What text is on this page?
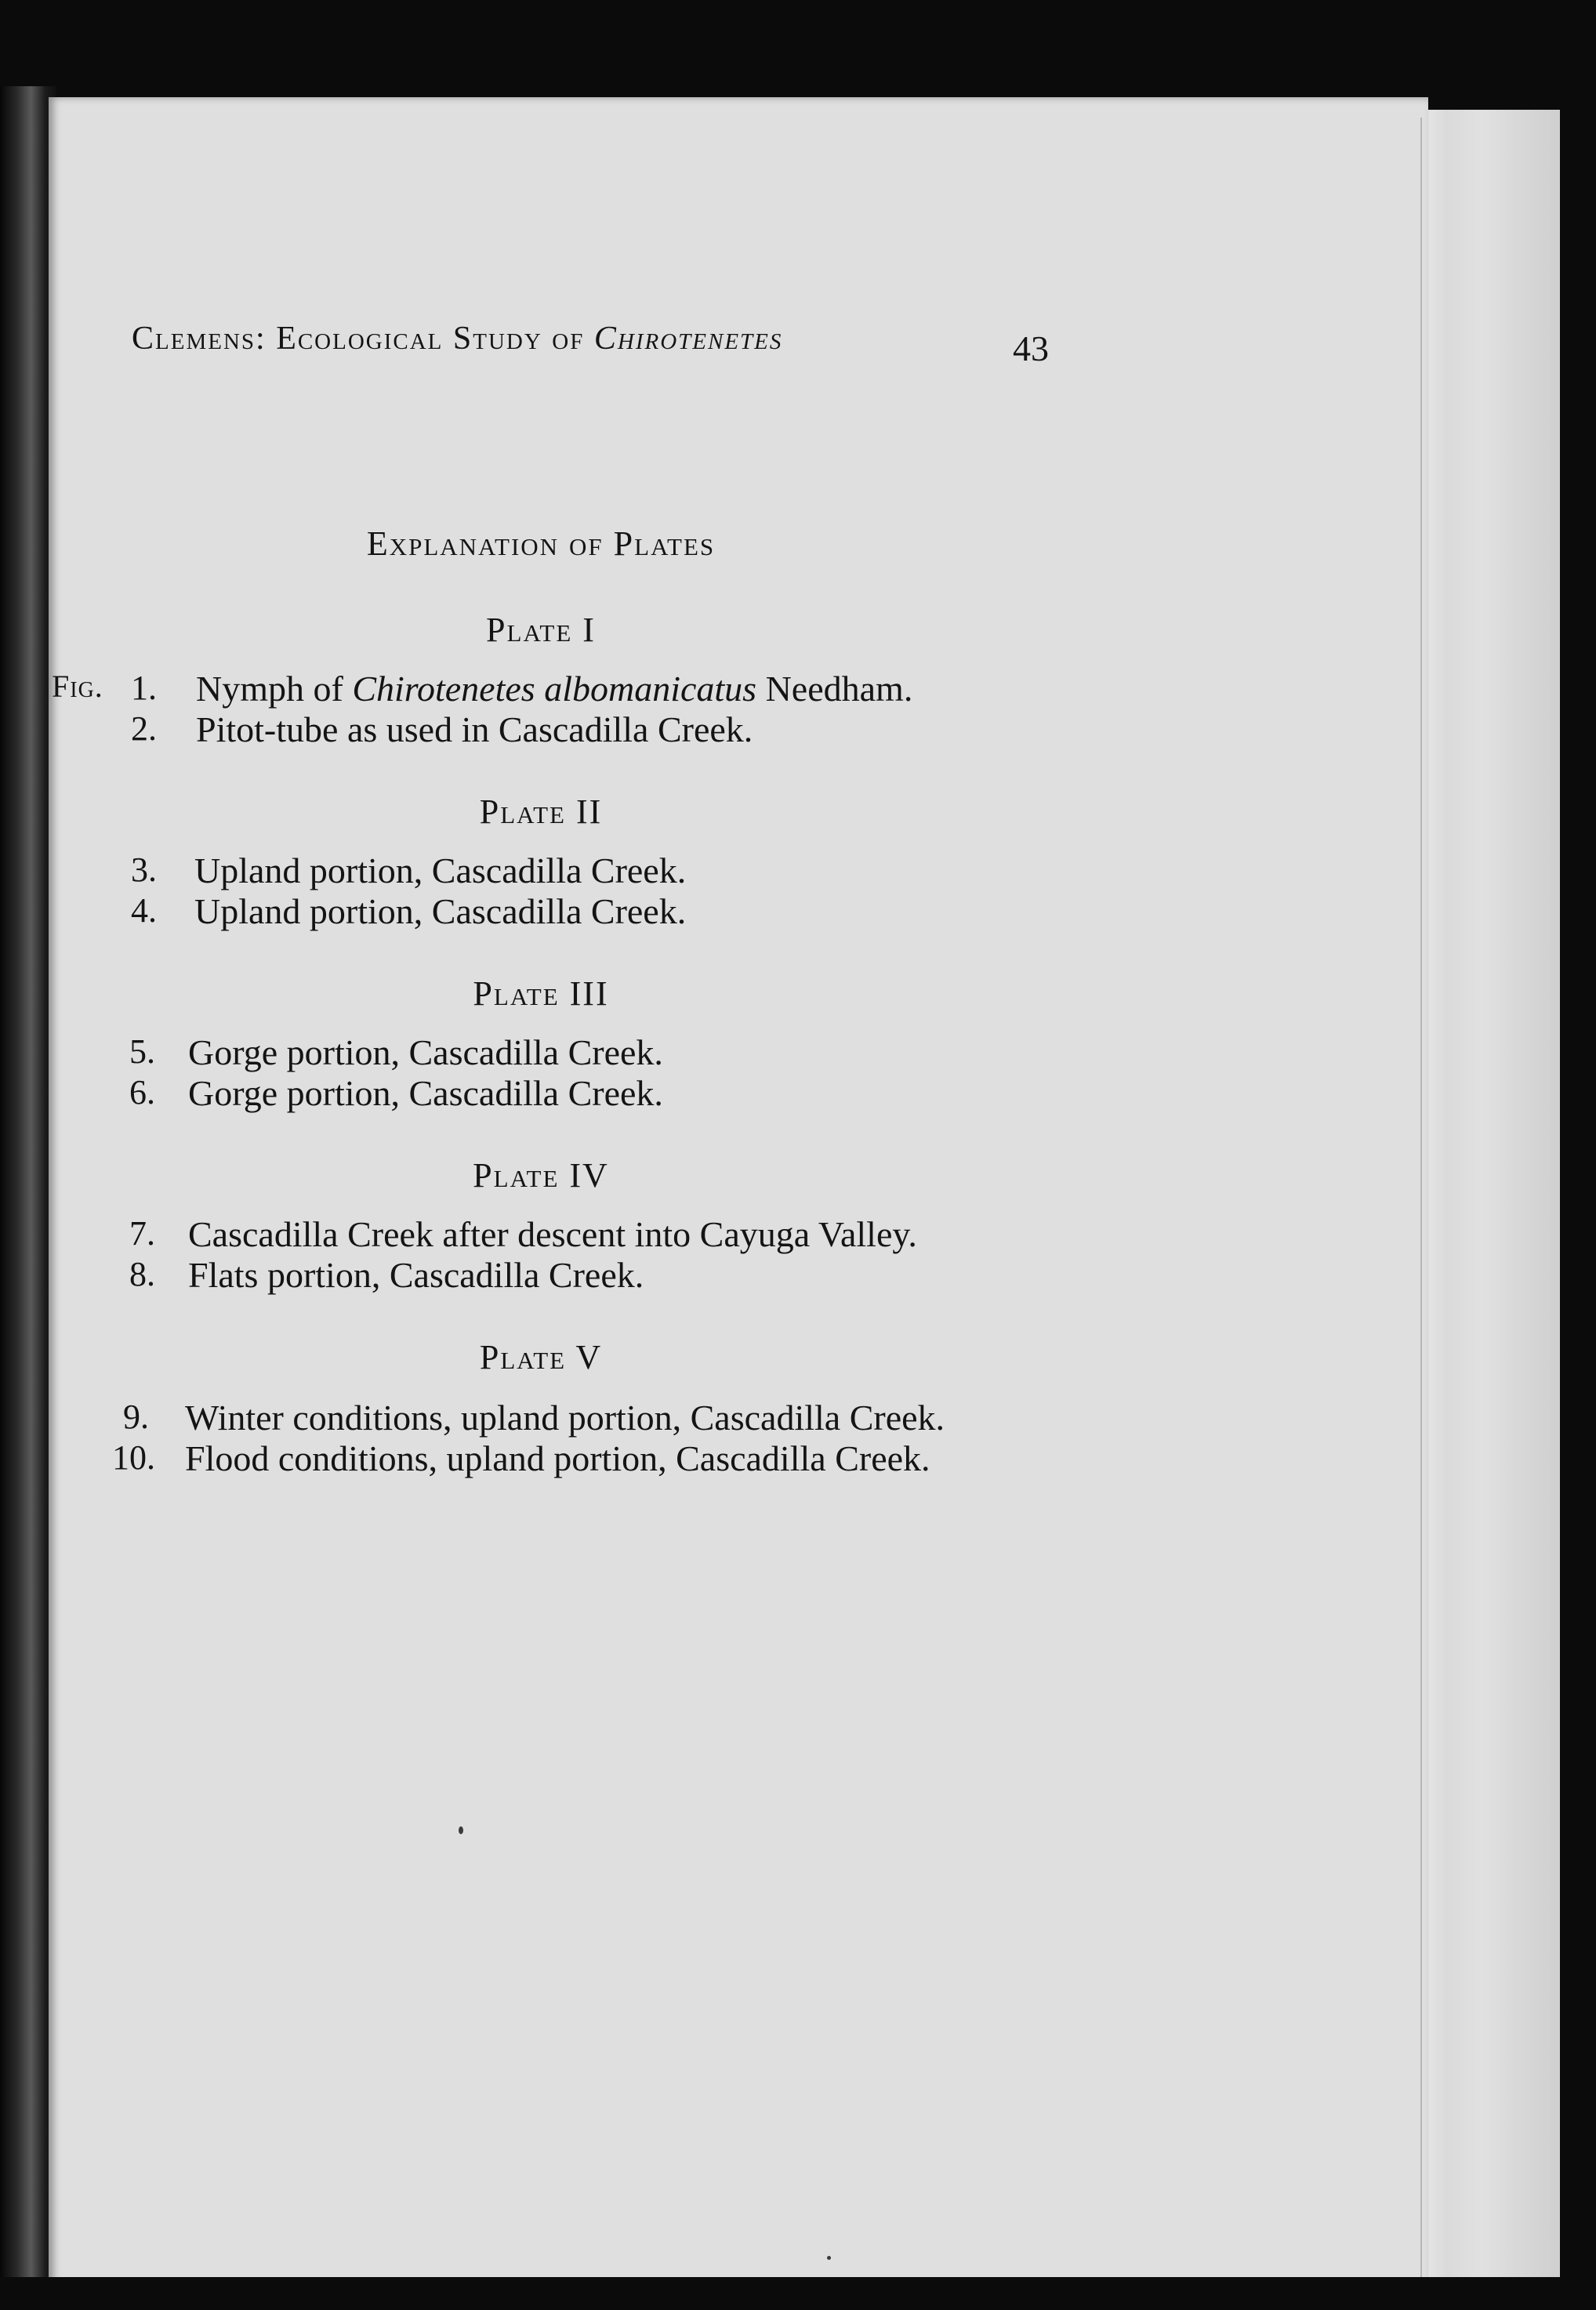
Clemens: Ecological Study of Chirotenetes	43
Explanation of Plates
Fig.
Plate I
1. Nymph of Chirotenetes albomanicatus Needham.
2. Pitot-tube as used in Cascadilla Creek.
Plate II
3. Upland portion, Cascadilla Creek.
4. Upland portion, Cascadilla Creek.
Plate III
5. Gorge portion, Cascadilla Creek.
6. Gorge portion, Cascadilla Creek.
Plate IV
7. Cascadilla Creek after descent into Cayuga Valley.
8. Flats portion, Cascadilla Creek.
Plate V
9. Winter conditions, upland portion, Cascadilla Creek.
10. Flood conditions, upland portion, Cascadilla Creek.
